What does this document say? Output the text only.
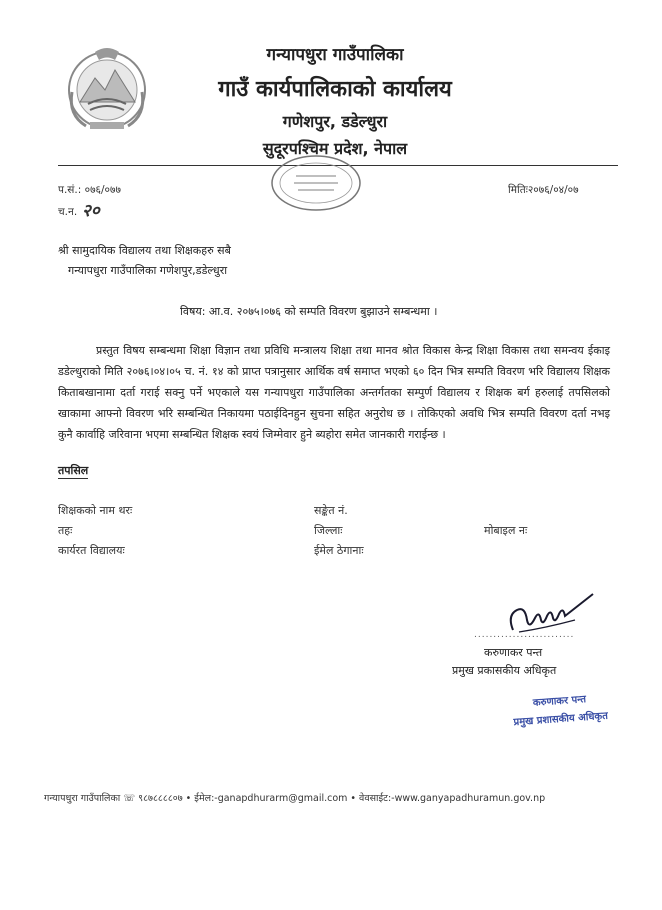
गन्यापधुरा गाउँपालिका
गाउँ कार्यपालिकाको कार्यालय
गणेशपुर, डडेल्धुरा
सुदूरपश्चिम प्रदेश, नेपाल
प.सं.: ०७६/०७७
च.न. २०
मितिः२०७६/०४/०७
श्री सामुदायिक विद्यालय तथा शिक्षकहरु सबै
गन्यापधुरा गाउँपालिका गणेशपुर,डडेल्धुरा
विषय: आ.व. २०७५।०७६ को सम्पति विवरण बुझाउने सम्बन्धमा ।
प्रस्तुत विषय सम्बन्धमा शिक्षा विज्ञान तथा प्रविधि मन्त्रालय शिक्षा तथा मानव श्रोत विकास केन्द्र शिक्षा विकास तथा समन्वय ईकाइ डडेल्धुराको मिति २०७६।०४।०५ च. नं. १४ को प्राप्त पत्रानुसार आर्थिक वर्ष समाप्त भएको ६० दिन भित्र सम्पति विवरण भरि विद्यालय शिक्षक किताबखानामा दर्ता गराई सक्नु पर्ने भएकाले यस गन्यापधुरा गाउँपालिका अन्तर्गतका सम्पुर्ण विद्यालय र शिक्षक बर्ग हरुलाई तपसिलको खाकामा आफ्नो विवरण भरि सम्बन्धित निकायमा पठाईदिनहुन सुचना सहित अनुरोध छ । तोकिएको अवधि भित्र सम्पति विवरण दर्ता नभइ कुनै कार्वाहि जरिवाना भएमा सम्बन्धित शिक्षक स्वयं जिम्मेवार हुने ब्यहोरा समेत जानकारी गराईन्छ ।
तपसिल
शिक्षकको नाम थरः	सङ्केत नं.
तहः	जिल्लाः	मोबाइल नः
कार्यरत विद्यालयः	ईमेल ठेगानाः
..........................
करुणाकर पन्त
प्रमुख प्रकासकीय अधिकृत
करुणाकर पन्त
प्रमुख प्रशासकीय अधिकृत
गन्यापधुरा गाउँपालिका ☏ ९८७८८८८०७ • ईमेल:-ganapdhurarm@gmail.com • वेवसाईट:-www.ganyapadhuramun.gov.np
